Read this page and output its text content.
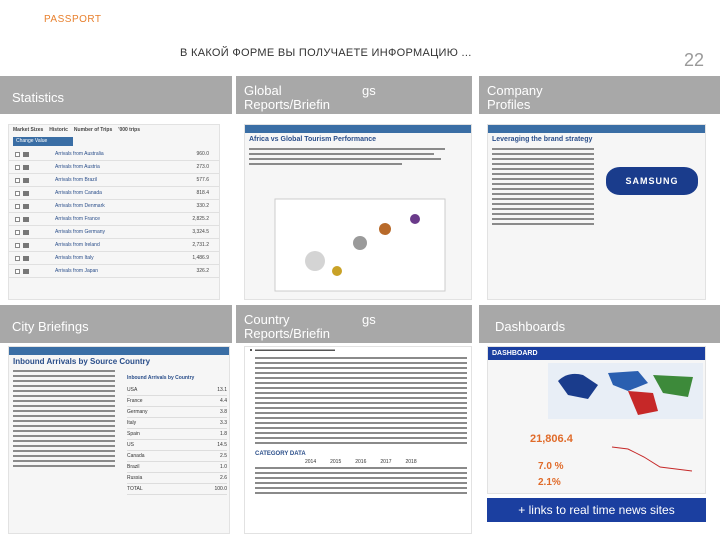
PASSPORT
В КАКОЙ ФОРМЕ ВЫ ПОЛУЧАЕТЕ ИНФОРМАЦИЮ ...	22
Statistics	Global
Reports/Briefin
gs	Company
Profiles
Market Sizes Historic Number of Trips '000 trips
Change Value
Arrivals from Australia	960.0
Arrivals from Austria	273.0
Arrivals from Brazil	577.6
Arrivals from Canada	818.4
Arrivals from Denmark	330.2
Arrivals from France	2,825.2
Arrivals from Germany	3,324.5
Arrivals from Ireland	2,731.2
Arrivals from Italy	1,486.9
Arrivals from Japan	326.2
Africa vs Global Tourism Performance	Leveraging the brand strategy
SAMSUNG
City Briefings	Country
Reports/Briefin
gs	Dashboards
Inbound Arrivals by Source Country
Inbound Arrivals by Country
USA	13.1
France	4.4
Germany	3.8
Italy	3.3
Spain	1.8
US	14.5
Canada	2.5
Brazil	1.0
Russia	2.6
TOTAL	100.0
▬▬▬▬▬▬▬▬▬▬▬▬▬▬▬▬
CATEGORY DATA
2014	2015	2016	2017	2018
DASHBOARD
21,806.4
7.0 %
2.1%
+ links to real time news sites
